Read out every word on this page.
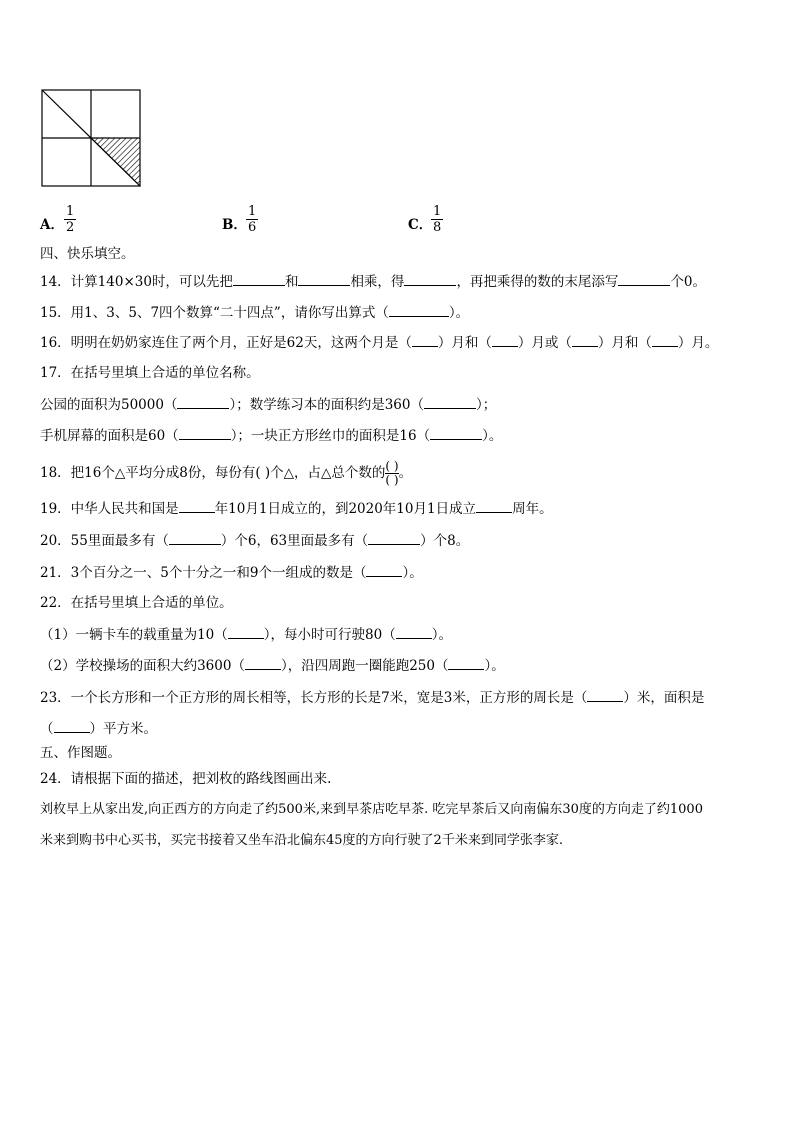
A． $\frac{1}{2}$	B． $\frac{1}{6}$	C．
$\frac{1}{8}$
四、快乐填空。
14．计算140×30时，可以先把	和	相乘，得	，再把乘得的数的末尾添写	个0。
15．用1、3、5、7四个数算“二十四点”，请你写出算式（	）。
16．明明在奶奶家连住了两个月，正好是62天，这两个月是（ ）月和（ ）月或（ ）月和（ ）月。
17．在括号里填上合适的单位名称。
公园的面积为50000（	）；数学练习本的面积约是360（	）；
手机屏幕的面积是60（	）；一块正方形丝巾的面积是16（	）。
18．把16个△平均分成8份，每份有( )个△，占△总个数的 ( )
( ) 。
19．中华人民共和国是	年10月1日成立的，到2020年10月1日成立	周年。
20．55里面最多有（	）个6，63里面最多有（	）个8。
21．3个百分之一、5个十分之一和9个一组成的数是（	）。
22．在括号里填上合适的单位。
（1）一辆卡车的载重量为10（	），每小时可行驶80（	）。
（2）学校操场的面积大约3600（	），沿四周跑一圈能跑250（	）。
23．一个长方形和一个正方形的周长相等，长方形的长是7米，宽是3米，正方形的周长是（	）米，面积是
（	）平方米。
五、作图题。
24．请根据下面的描述，把刘枚的路线图画出来.
刘枚早上从家出发,向正西方的方向走了约500米,来到早茶店吃早茶. 吃完早茶后又向南偏东30度的方向走了约1000
米来到购书中心买书，买完书接着又坐车沿北偏东45度的方向行驶了2千米来到同学张李家.
